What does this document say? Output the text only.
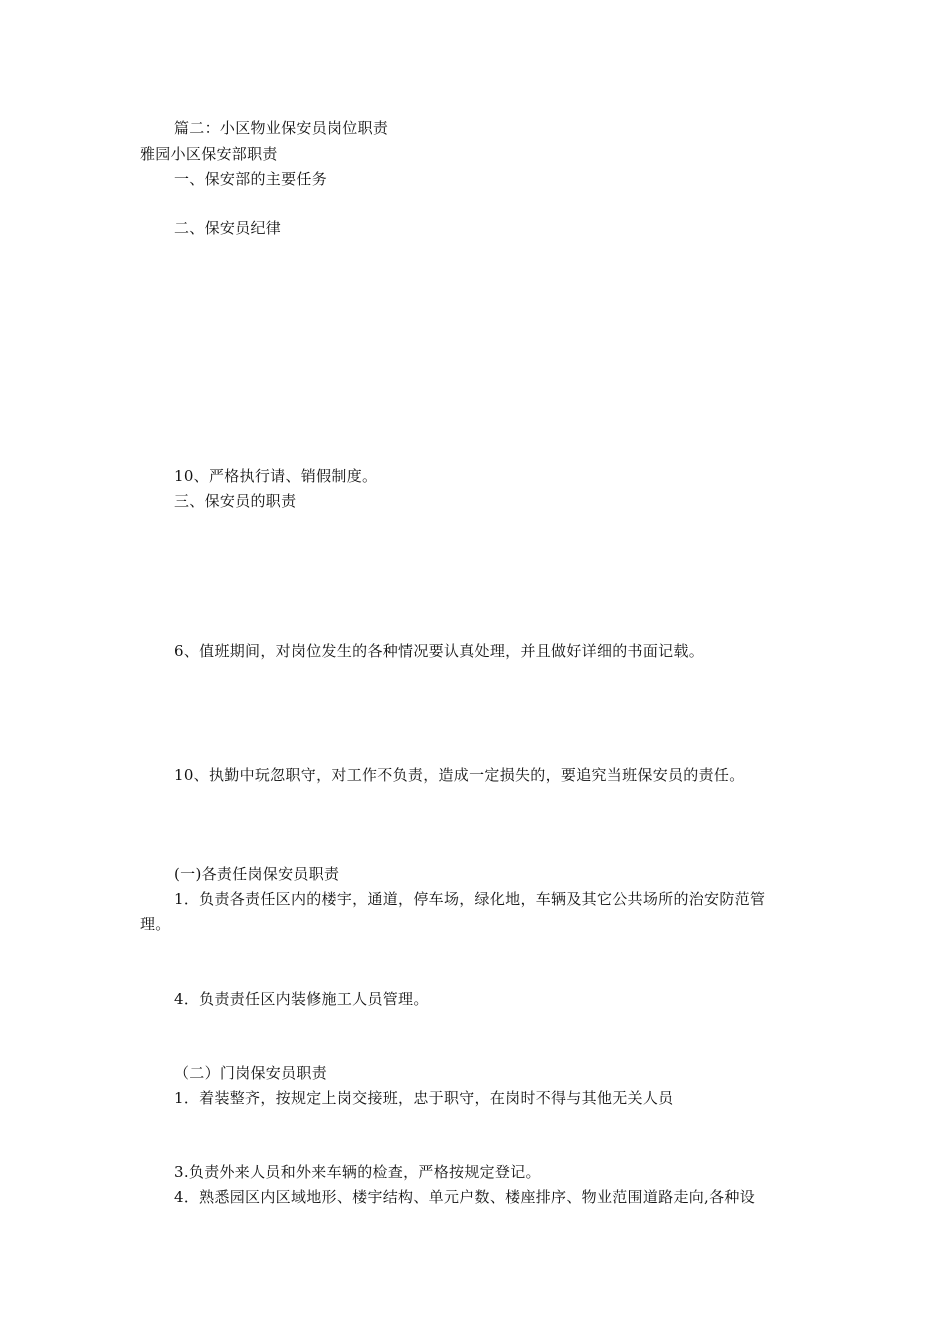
篇二：小区物业保安员岗位职责
雅园小区保安部职责
一、保安部的主要任务
二、保安员纪律
10、严格执行请、销假制度。
三、保安员的职责
6、值班期间，对岗位发生的各种情况要认真处理，并且做好详细的书面记载。
10、执勤中玩忽职守，对工作不负责，造成一定损失的，要追究当班保安员的责任。
(一)各责任岗保安员职责
1．负责各责任区内的楼宇，通道，停车场，绿化地，车辆及其它公共场所的治安防范管
理。
4．负责责任区内装修施工人员管理。
（二）门岗保安员职责
1．着装整齐，按规定上岗交接班，忠于职守，在岗时不得与其他无关人员
3.负责外来人员和外来车辆的检查，严格按规定登记。
4．熟悉园区内区域地形、楼宇结构、单元户数、楼座排序、物业范围道路走向,各种设
